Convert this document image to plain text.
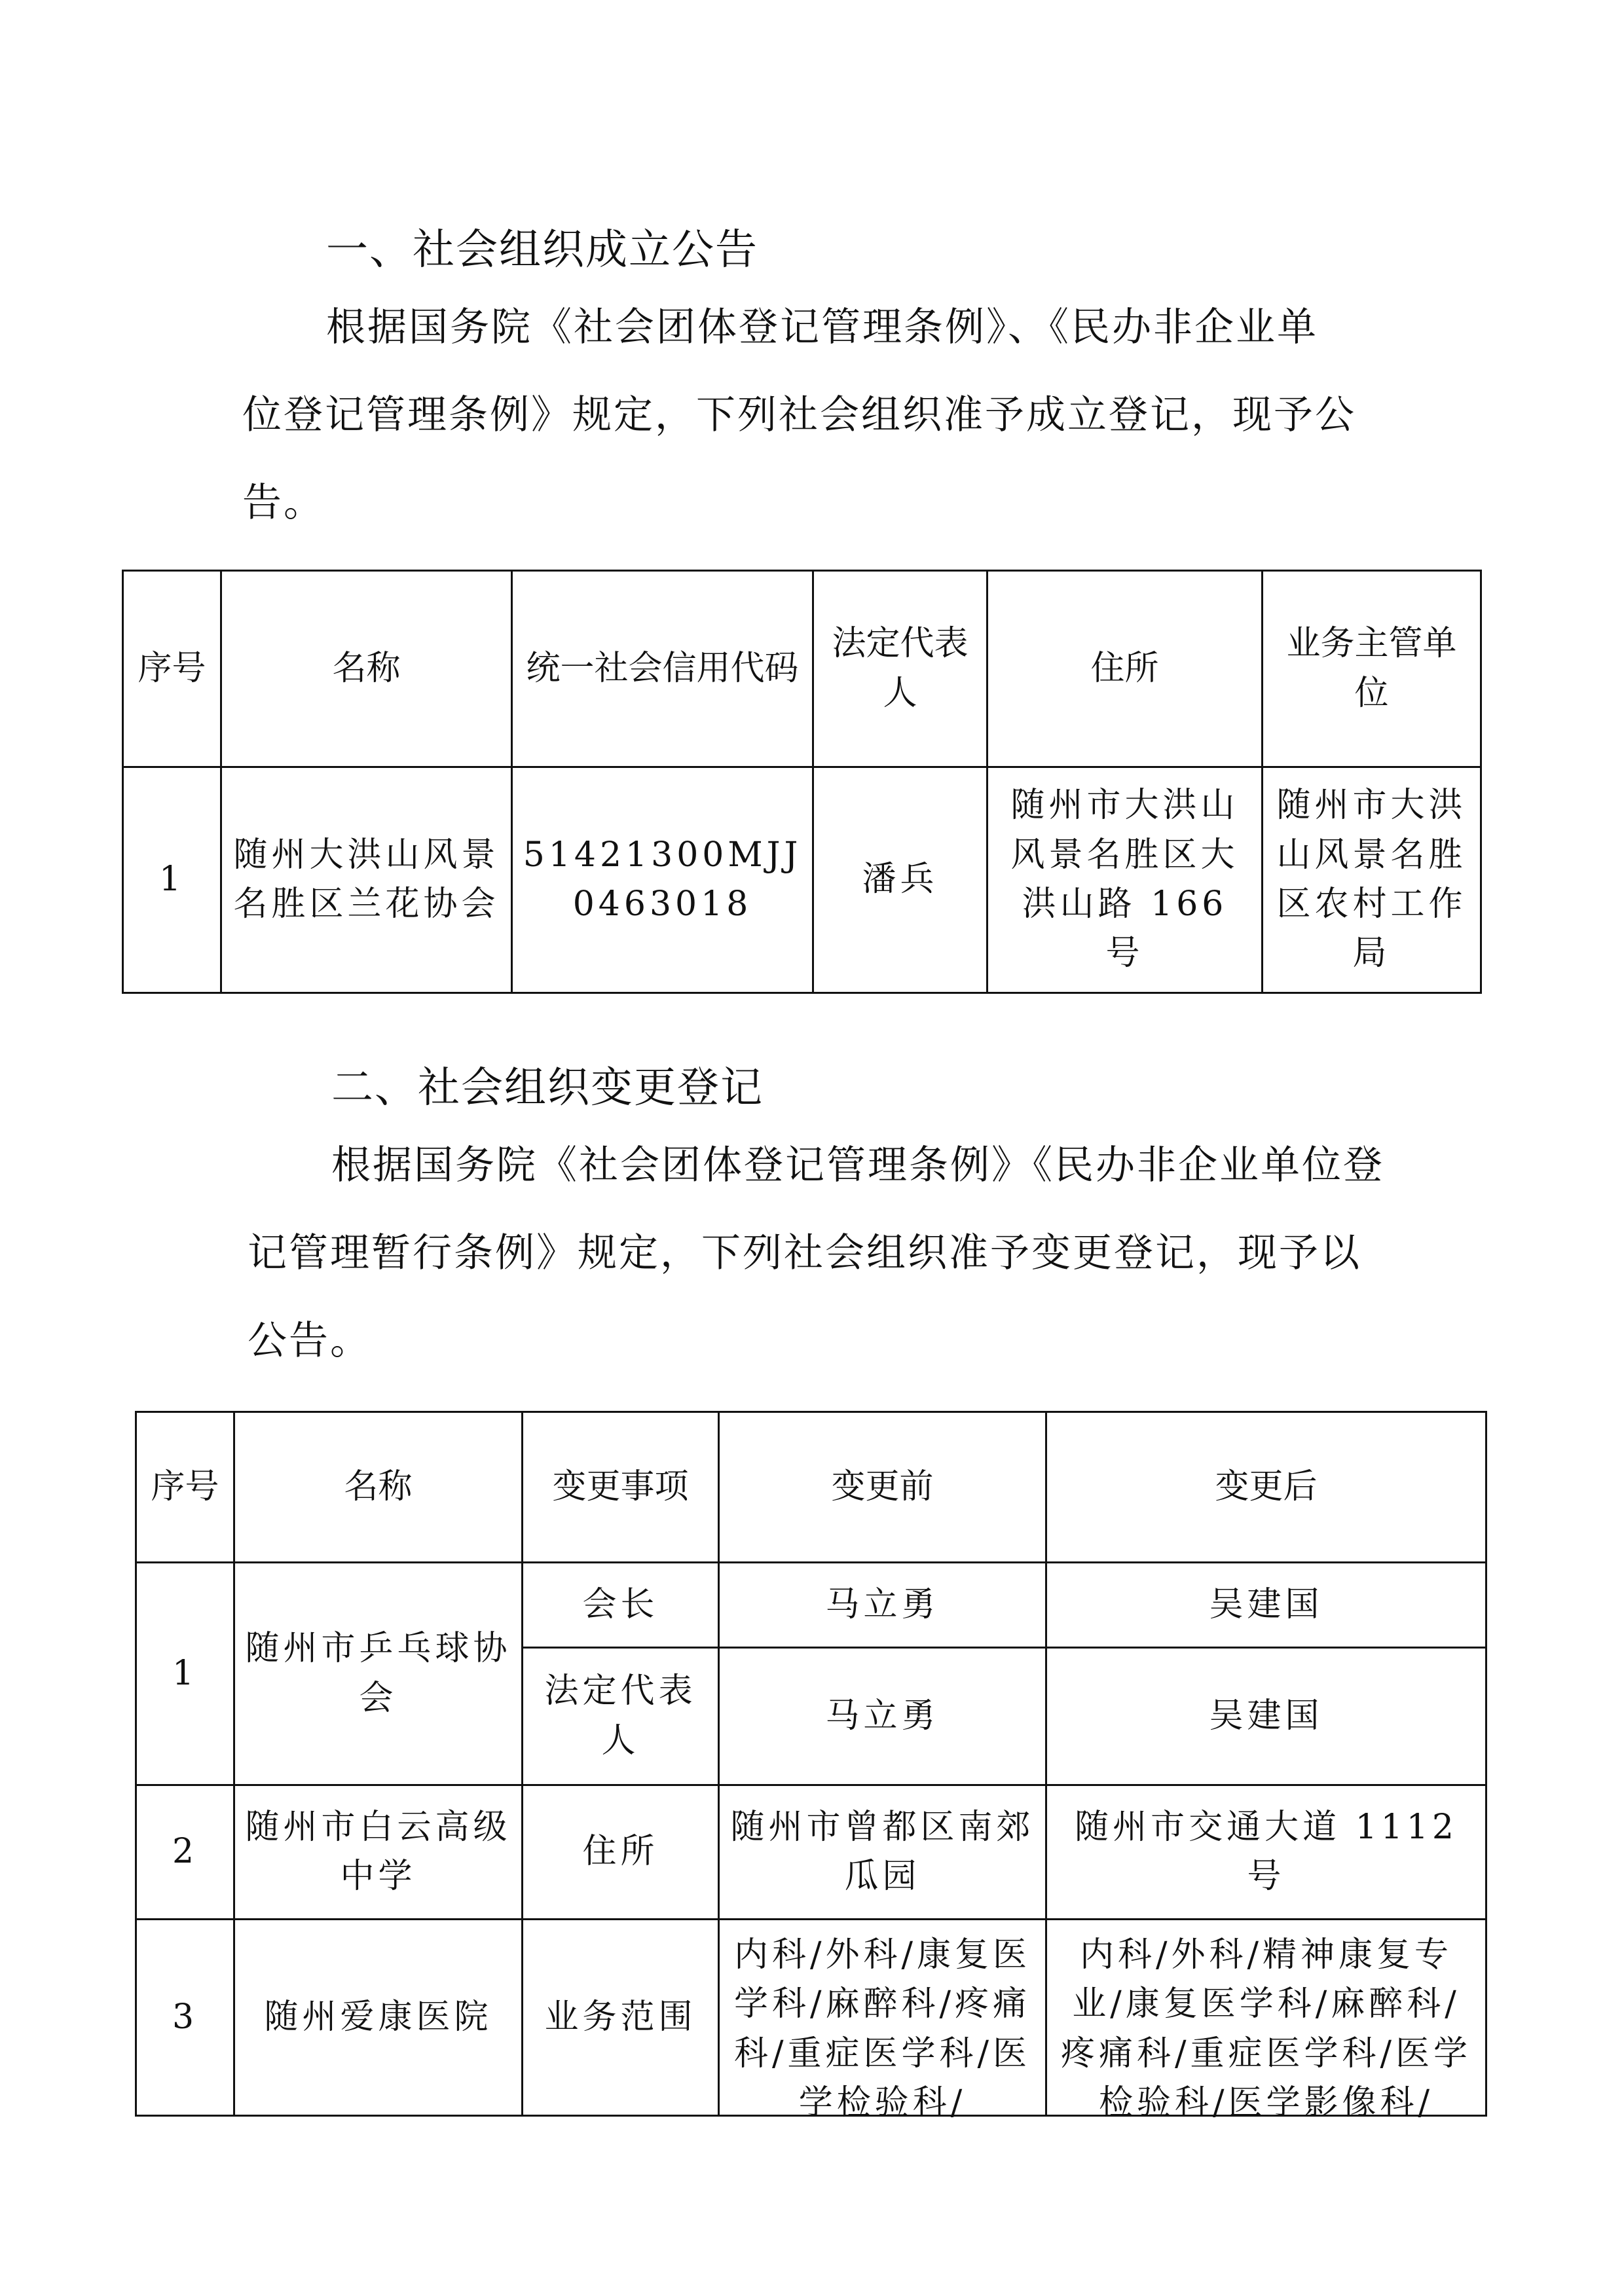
一、社会组织成立公告
根据国务院《社会团体登记管理条例》、《民办非企业单
位登记管理条例》规定，下列社会组织准予成立登记，现予公
告。
序号	名称	统一社会信用代码	法定代表人	住所	业务主管单位
1	随州大洪山风景名胜区兰花协会	51421300MJJ0463018	潘兵	随州市大洪山风景名胜区大洪山路 166 号	随州市大洪山风景名胜区农村工作局
二、社会组织变更登记
根据国务院《社会团体登记管理条例》《民办非企业单位登
记管理暂行条例》规定，下列社会组织准予变更登记，现予以
公告。
序号	名称	变更事项	变更前	变更后
1	随州市乒乓球协会	会长	马立勇	吴建国
		法定代表人	马立勇	吴建国
2	随州市白云高级中学	住所	随州市曾都区南郊瓜园	随州市交通大道 1112 号
3	随州爱康医院	业务范围	内科/外科/康复医学科/麻醉科/疼痛科/重症医学科/医学检验科/	内科/外科/精神康复专业/康复医学科/麻醉科/疼痛科/重症医学科/医学检验科/医学影像科/
